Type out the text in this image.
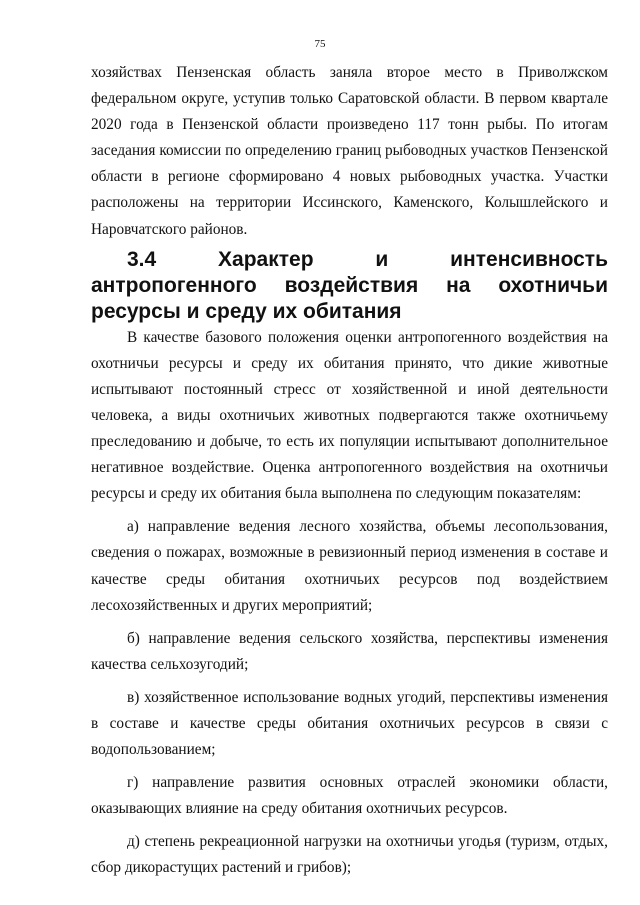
75

хозяйствах Пензенская область заняла второе место в Приволжском федеральном округе, уступив только Саратовской области. В первом квартале 2020 года в Пензенской области произведено 117 тонн рыбы. По итогам заседания комиссии по определению границ рыбоводных участков Пензенской области в регионе сформировано 4 новых рыбоводных участка. Участки расположены на территории Иссинского, Каменского, Колышлейского и Наровчатского районов.

3.4 Характер и интенсивность антропогенного воздействия на охотничьи ресурсы и среду их обитания

В качестве базового положения оценки антропогенного воздействия на охотничьи ресурсы и среду их обитания принято, что дикие животные испытывают постоянный стресс от хозяйственной и иной деятельности человека, а виды охотничьих животных подвергаются также охотничьему преследованию и добыче, то есть их популяции испытывают дополнительное негативное воздействие. Оценка антропогенного воздействия на охотничьи ресурсы и среду их обитания была выполнена по следующим показателям:

а) направление ведения лесного хозяйства, объемы лесопользования, сведения о пожарах, возможные в ревизионный период изменения в составе и качестве среды обитания охотничьих ресурсов под воздействием лесохозяйственных и других мероприятий;

б) направление ведения сельского хозяйства, перспективы изменения качества сельхозугодий;

в) хозяйственное использование водных угодий, перспективы изменения в составе и качестве среды обитания охотничьих ресурсов в связи с водопользованием;

г) направление развития основных отраслей экономики области, оказывающих влияние на среду обитания охотничьих ресурсов.

д) степень рекреационной нагрузки на охотничьи угодья (туризм, отдых, сбор дикорастущих растений и грибов);
